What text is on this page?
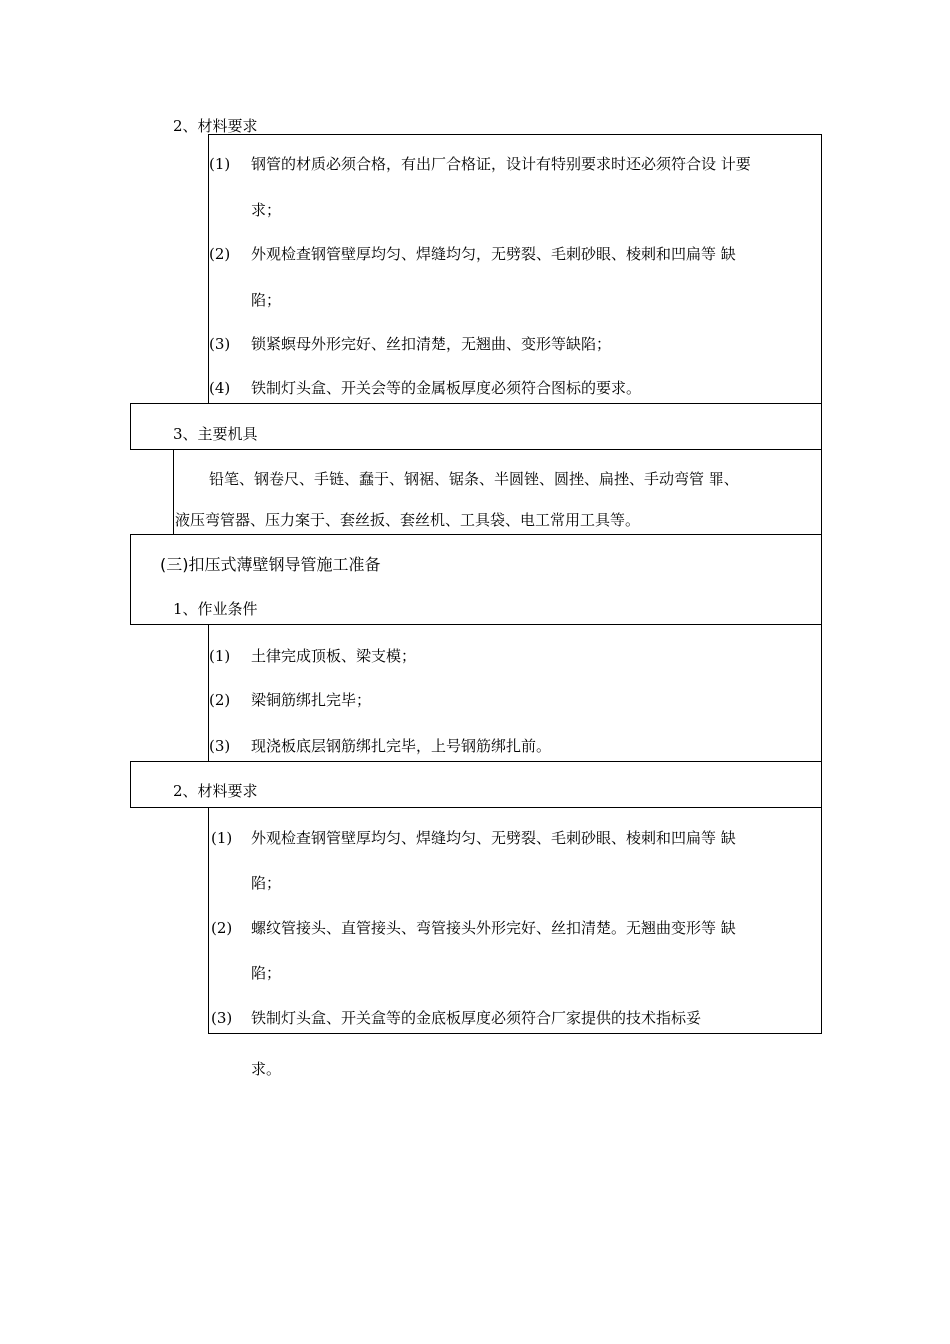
2、材料要求
(1) 钢管的材质必须合格，有出厂合格证，设计有特别要求时还必须符合设 计要
求；
(2) 外观检查钢管壁厚均匀、焊缝均匀，无劈裂、毛刺砂眼、棱刺和凹扁等 缺
陷；
(3) 锁紧螟母外形完好、丝扣清楚，无翘曲、变形等缺陷；
(4) 铁制灯头盒、开关会等的金属板厚度必须符合图标的要求。
3、主要机具
铅笔、钢卷尺、手链、蠢于、钢裾、锯条、半圆锉、圆挫、扁挫、手动弯管 罪、
液压弯管器、压力案于、套丝扳、套丝机、工具袋、电工常用工具等。
(三)扣压式薄壁钢导管施工准备
1、作业条件
(1) 土律完成顶板、梁支模；
(2) 梁铜筋绑扎完毕；
(3) 现浇板底层钢筋绑扎完毕，上号钢筋绑扎前。
2、材料要求
(1) 外观检查钢管壁厚均匀、焊缝均匀、无劈裂、毛刺砂眼、棱刺和凹扁等 缺
陷；
(2) 螺纹管接头、直管接头、弯管接头外形完好、丝扣清楚。无翘曲变形等 缺
陷；
(3) 铁制灯头盒、开关盒等的金底板厚度必须符合厂家提供的技术指标妥
求。
